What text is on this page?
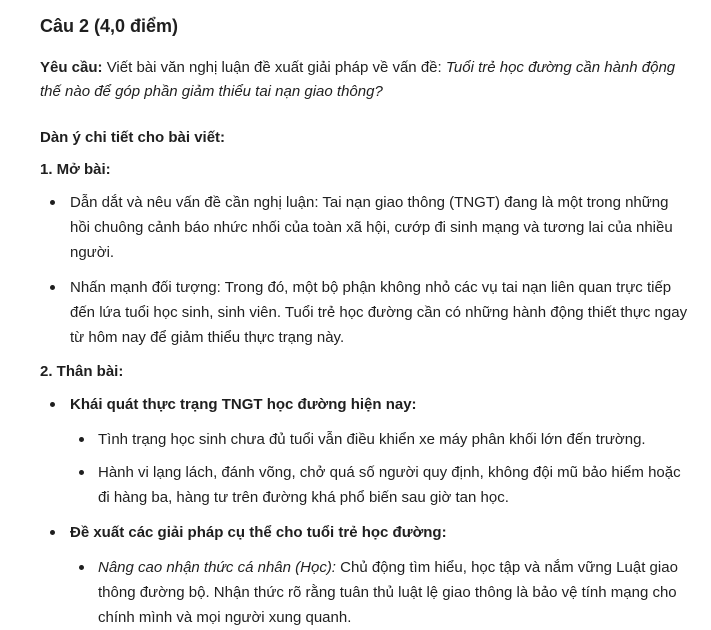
Câu 2 (4,0 điểm)

Yêu cầu: Viết bài văn nghị luận đề xuất giải pháp về vấn đề: Tuổi trẻ học đường cần hành động thế nào để góp phần giảm thiểu tai nạn giao thông?

Dàn ý chi tiết cho bài viết:
1. Mở bài:
Dẫn dắt và nêu vấn đề cần nghị luận: Tai nạn giao thông (TNGT) đang là một trong những hồi chuông cảnh báo nhức nhối của toàn xã hội, cướp đi sinh mạng và tương lai của nhiều người.
Nhấn mạnh đối tượng: Trong đó, một bộ phận không nhỏ các vụ tai nạn liên quan trực tiếp đến lứa tuổi học sinh, sinh viên. Tuổi trẻ học đường cần có những hành động thiết thực ngay từ hôm nay để giảm thiểu thực trạng này.
2. Thân bài:
Khái quát thực trạng TNGT học đường hiện nay:
Tình trạng học sinh chưa đủ tuổi vẫn điều khiển xe máy phân khối lớn đến trường.
Hành vi lạng lách, đánh võng, chở quá số người quy định, không đội mũ bảo hiểm hoặc đi hàng ba, hàng tư trên đường khá phổ biến sau giờ tan học.
Đề xuất các giải pháp cụ thể cho tuổi trẻ học đường:
Nâng cao nhận thức cá nhân (Học): Chủ động tìm hiểu, học tập và nắm vững Luật giao thông đường bộ. Nhận thức rõ rằng tuân thủ luật lệ giao thông là bảo vệ tính mạng cho chính mình và mọi người xung quanh.
